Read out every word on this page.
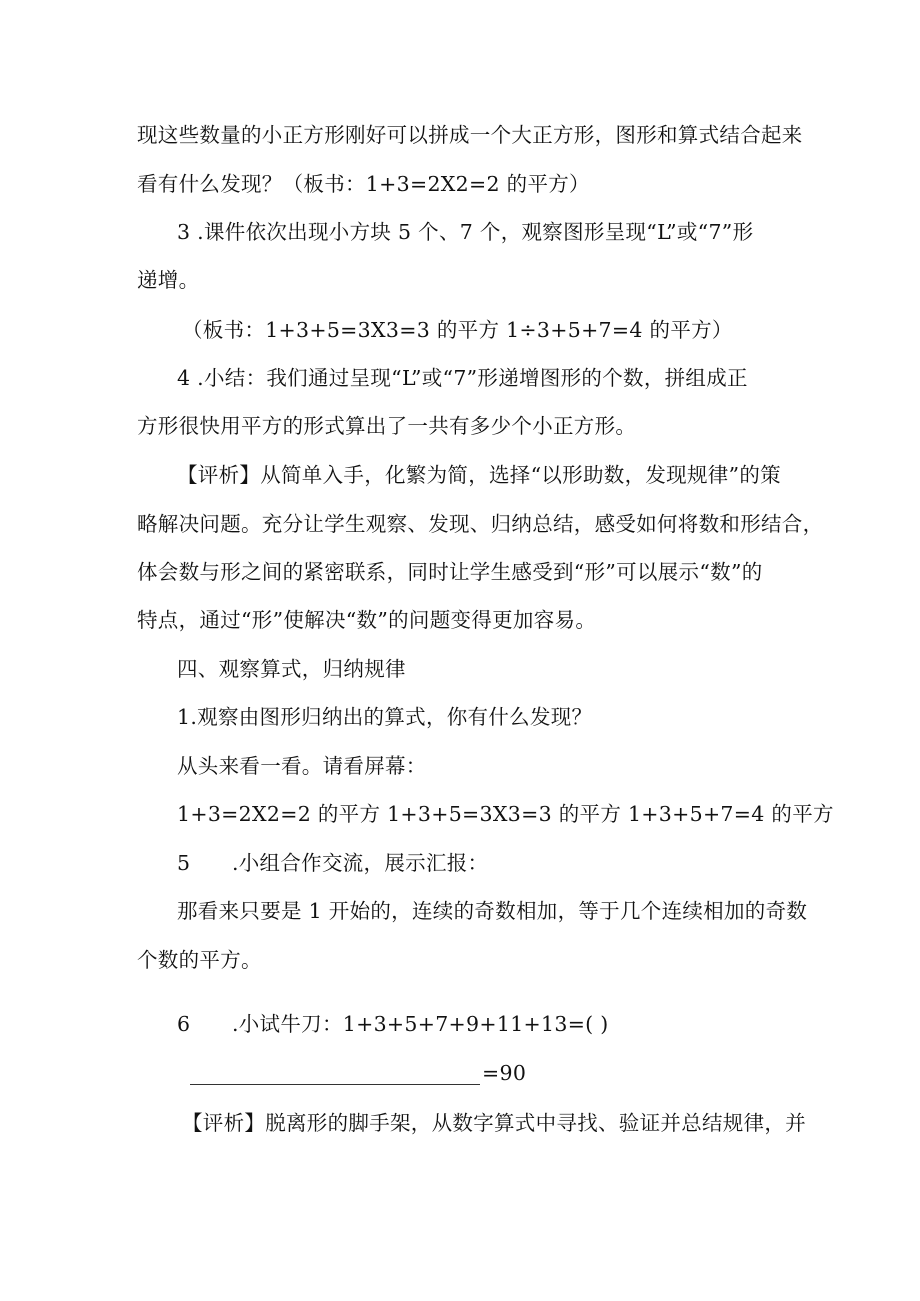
现这些数量的小正方形刚好可以拼成一个大正方形，图形和算式结合起来
看有什么发现？（板书：1+3=2X2=2 的平方）
3 .课件依次出现小方块 5 个、7 个，观察图形呈现“L”或“7”形
递增。
（板书：1+3+5=3X3=3 的平方 1÷3+5+7=4 的平方）
4 .小结：我们通过呈现“L”或“7”形递增图形的个数，拼组成正
方形很快用平方的形式算出了一共有多少个小正方形。
【评析】从简单入手，化繁为简，选择“以形助数，发现规律”的策
略解决问题。充分让学生观察、发现、归纳总结，感受如何将数和形结合，
体会数与形之间的紧密联系，同时让学生感受到“形”可以展示“数”的
特点，通过“形”使解决“数”的问题变得更加容易。
四、观察算式，归纳规律
1.观察由图形归纳出的算式，你有什么发现？
从头来看一看。请看屏幕：
1+3=2X2=2 的平方 1+3+5=3X3=3 的平方 1+3+5+7=4 的平方
5　　.小组合作交流，展示汇报：
那看来只要是 1 开始的，连续的奇数相加，等于几个连续相加的奇数
个数的平方。
6　　.小试牛刀：1+3+5+7+9+11+13=( )
=90
【评析】脱离形的脚手架，从数字算式中寻找、验证并总结规律，并
